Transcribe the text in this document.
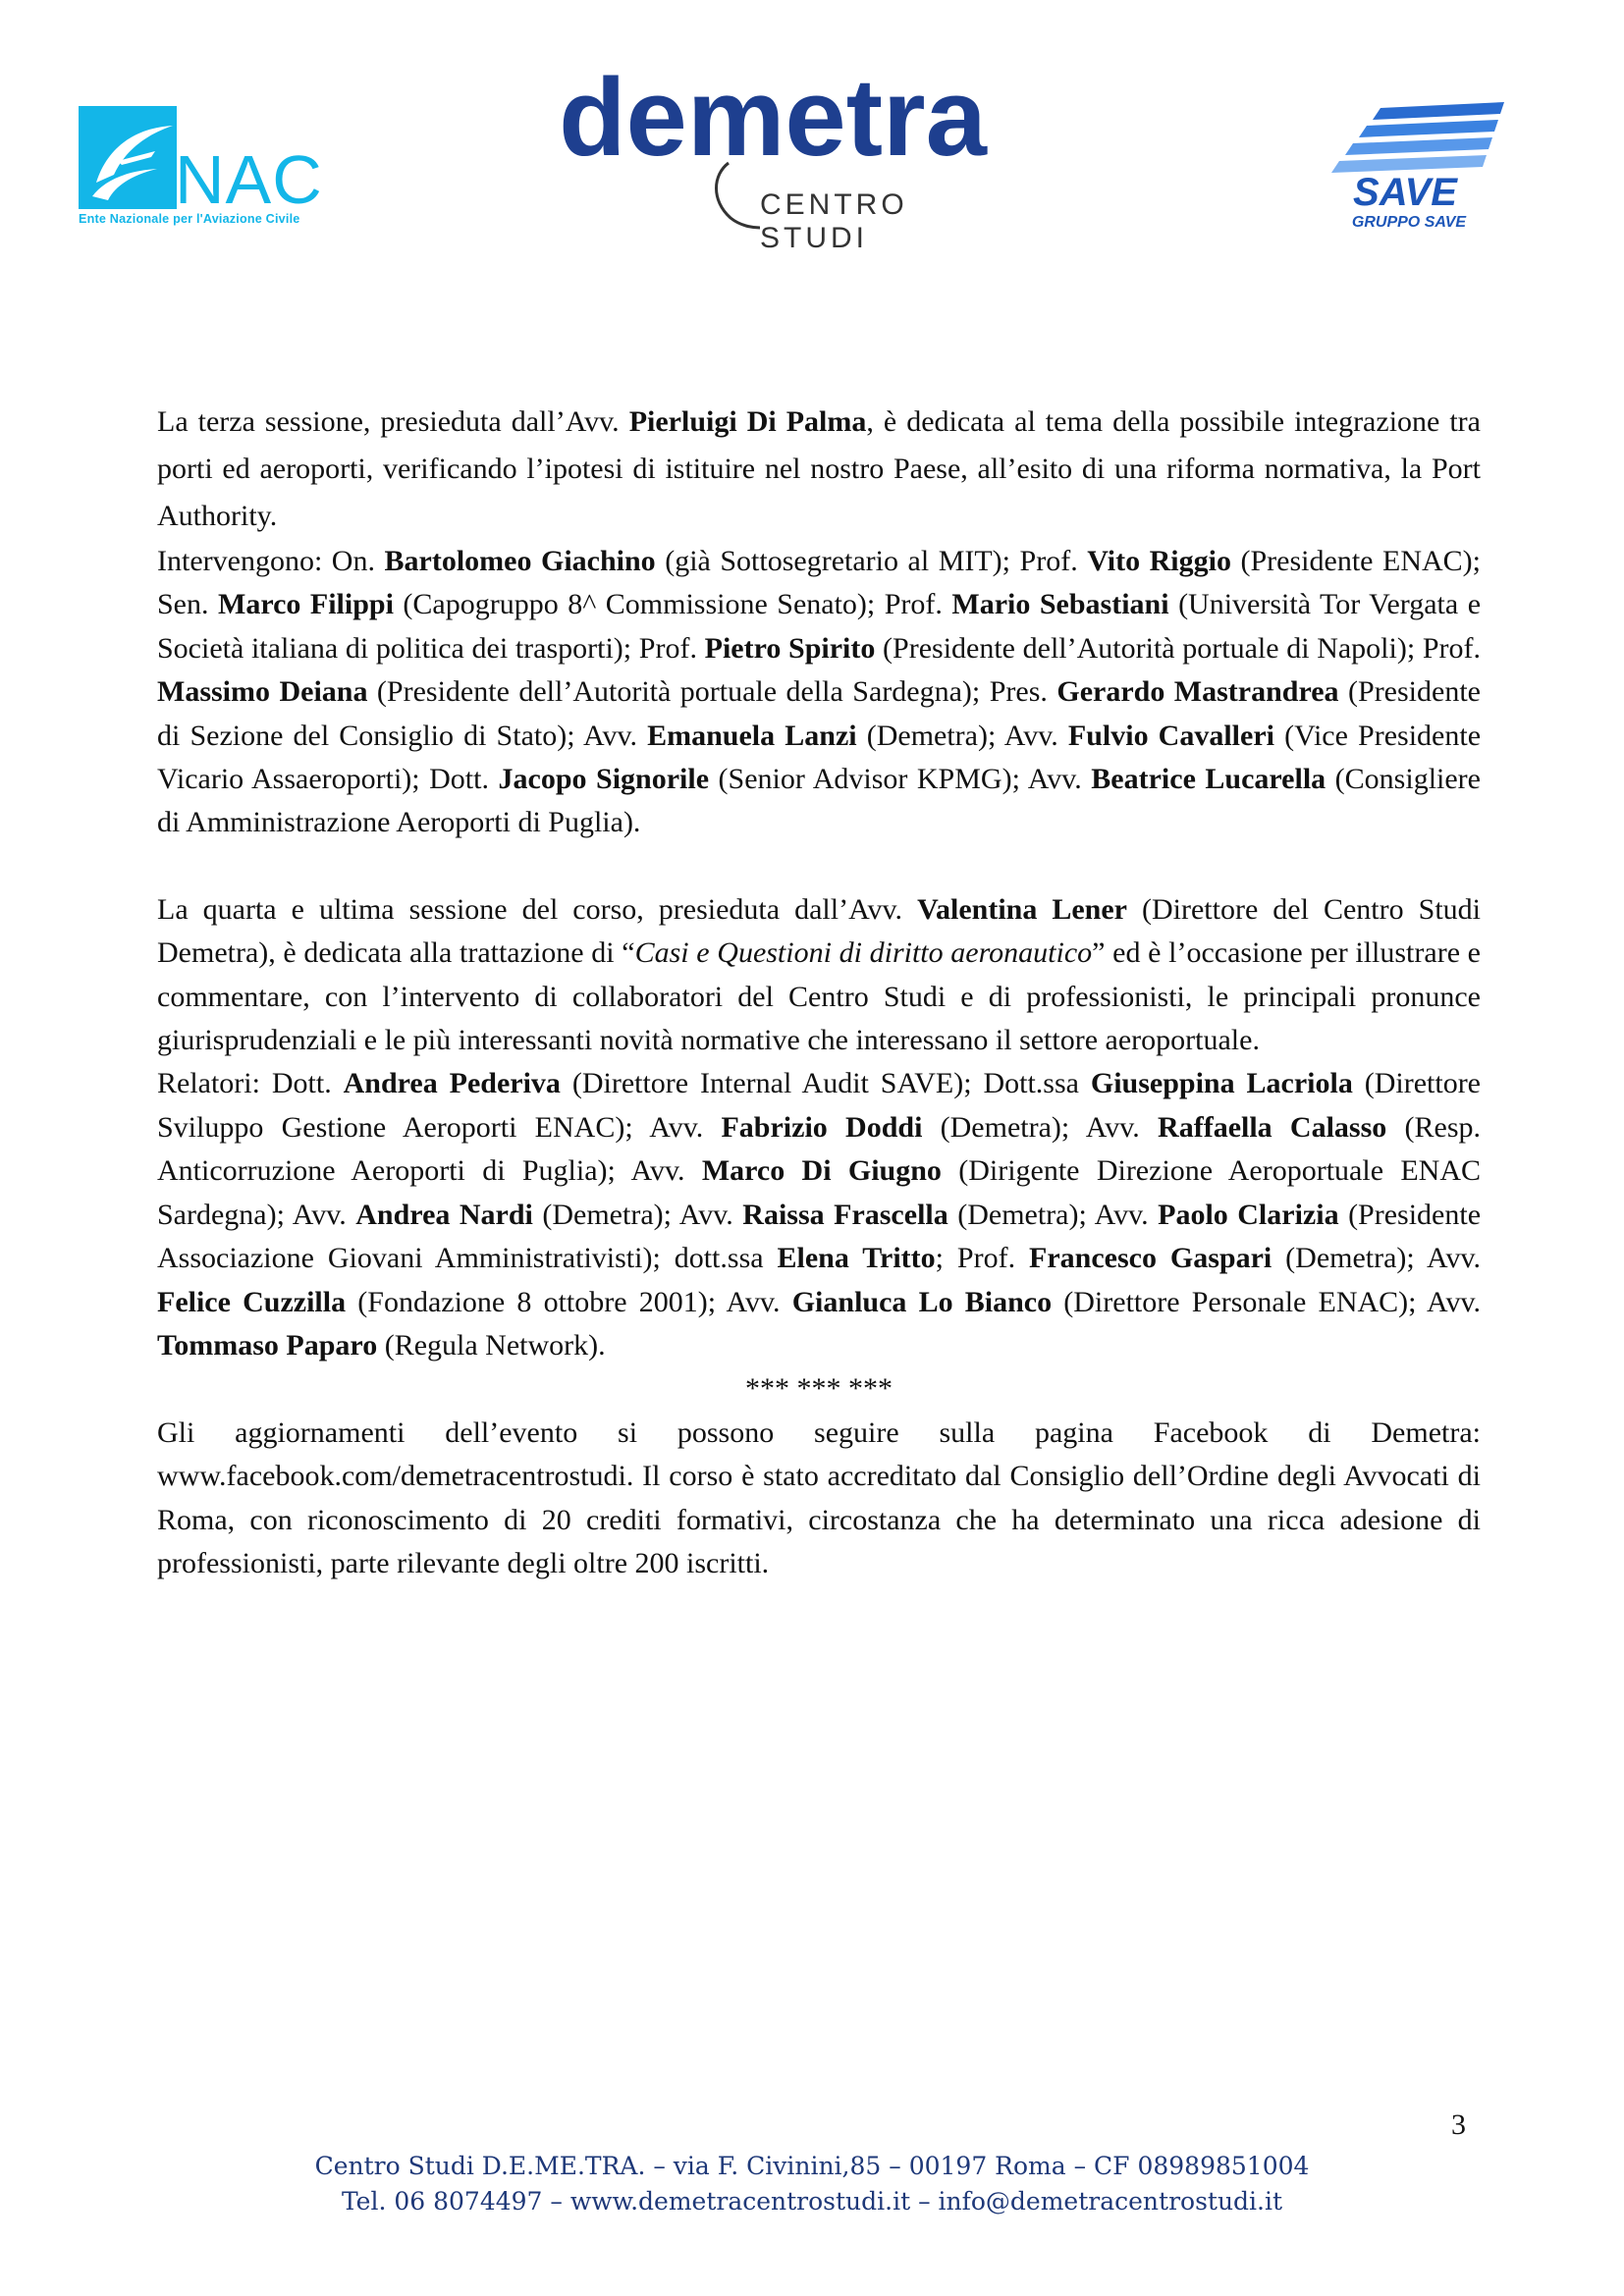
NAC
Ente Nazionale per l'Aviazione Civile
demetra
CENTRO STUDI
SAVE
GRUPPO SAVE

La terza sessione, presieduta dall’Avv. Pierluigi Di Palma, è dedicata al tema della possibile integrazione tra porti ed aeroporti, verificando l’ipotesi di istituire nel nostro Paese, all’esito di una riforma normativa, la Port Authority.

Intervengono: On. Bartolomeo Giachino (già Sottosegretario al MIT); Prof. Vito Riggio (Presidente ENAC); Sen. Marco Filippi (Capogruppo 8^ Commissione Senato); Prof. Mario Sebastiani (Università Tor Vergata e Società italiana di politica dei trasporti); Prof. Pietro Spirito (Presidente dell’Autorità portuale di Napoli); Prof. Massimo Deiana (Presidente dell’Autorità portuale della Sardegna); Pres. Gerardo Mastrandrea (Presidente di Sezione del Consiglio di Stato); Avv. Emanuela Lanzi (Demetra); Avv. Fulvio Cavalleri (Vice Presidente Vicario Assaeroporti); Dott. Jacopo Signorile (Senior Advisor KPMG); Avv. Beatrice Lucarella (Consigliere di Amministrazione Aeroporti di Puglia).

La quarta e ultima sessione del corso, presieduta dall’Avv. Valentina Lener (Direttore del Centro Studi Demetra), è dedicata alla trattazione di “Casi e Questioni di diritto aeronautico” ed è l’occasione per illustrare e commentare, con l’intervento di collaboratori del Centro Studi e di professionisti, le principali pronunce giurisprudenziali e le più interessanti novità normative che interessano il settore aeroportuale.

Relatori: Dott. Andrea Pederiva (Direttore Internal Audit SAVE); Dott.ssa Giuseppina Lacriola (Direttore Sviluppo Gestione Aeroporti ENAC); Avv. Fabrizio Doddi (Demetra); Avv. Raffaella Calasso (Resp. Anticorruzione Aeroporti di Puglia); Avv. Marco Di Giugno (Dirigente Direzione Aeroportuale ENAC Sardegna); Avv. Andrea Nardi (Demetra); Avv. Raissa Frascella (Demetra); Avv. Paolo Clarizia (Presidente Associazione Giovani Amministrativisti); dott.ssa Elena Tritto; Prof. Francesco Gaspari (Demetra); Avv. Felice Cuzzilla (Fondazione 8 ottobre 2001); Avv. Gianluca Lo Bianco (Direttore Personale ENAC); Avv. Tommaso Paparo (Regula Network).

*** *** ***

Gli aggiornamenti dell’evento si possono seguire sulla pagina Facebook di Demetra: www.facebook.com/demetracentrostudi. Il corso è stato accreditato dal Consiglio dell’Ordine degli Avvocati di Roma, con riconoscimento di 20 crediti formativi, circostanza che ha determinato una ricca adesione di professionisti, parte rilevante degli oltre 200 iscritti.

3
Centro Studi D.E.ME.TRA. – via F. Civinini,85 – 00197 Roma – CF 08989851004
Tel. 06 8074497 – www.demetracentrostudi.it – info@demetracentrostudi.it
